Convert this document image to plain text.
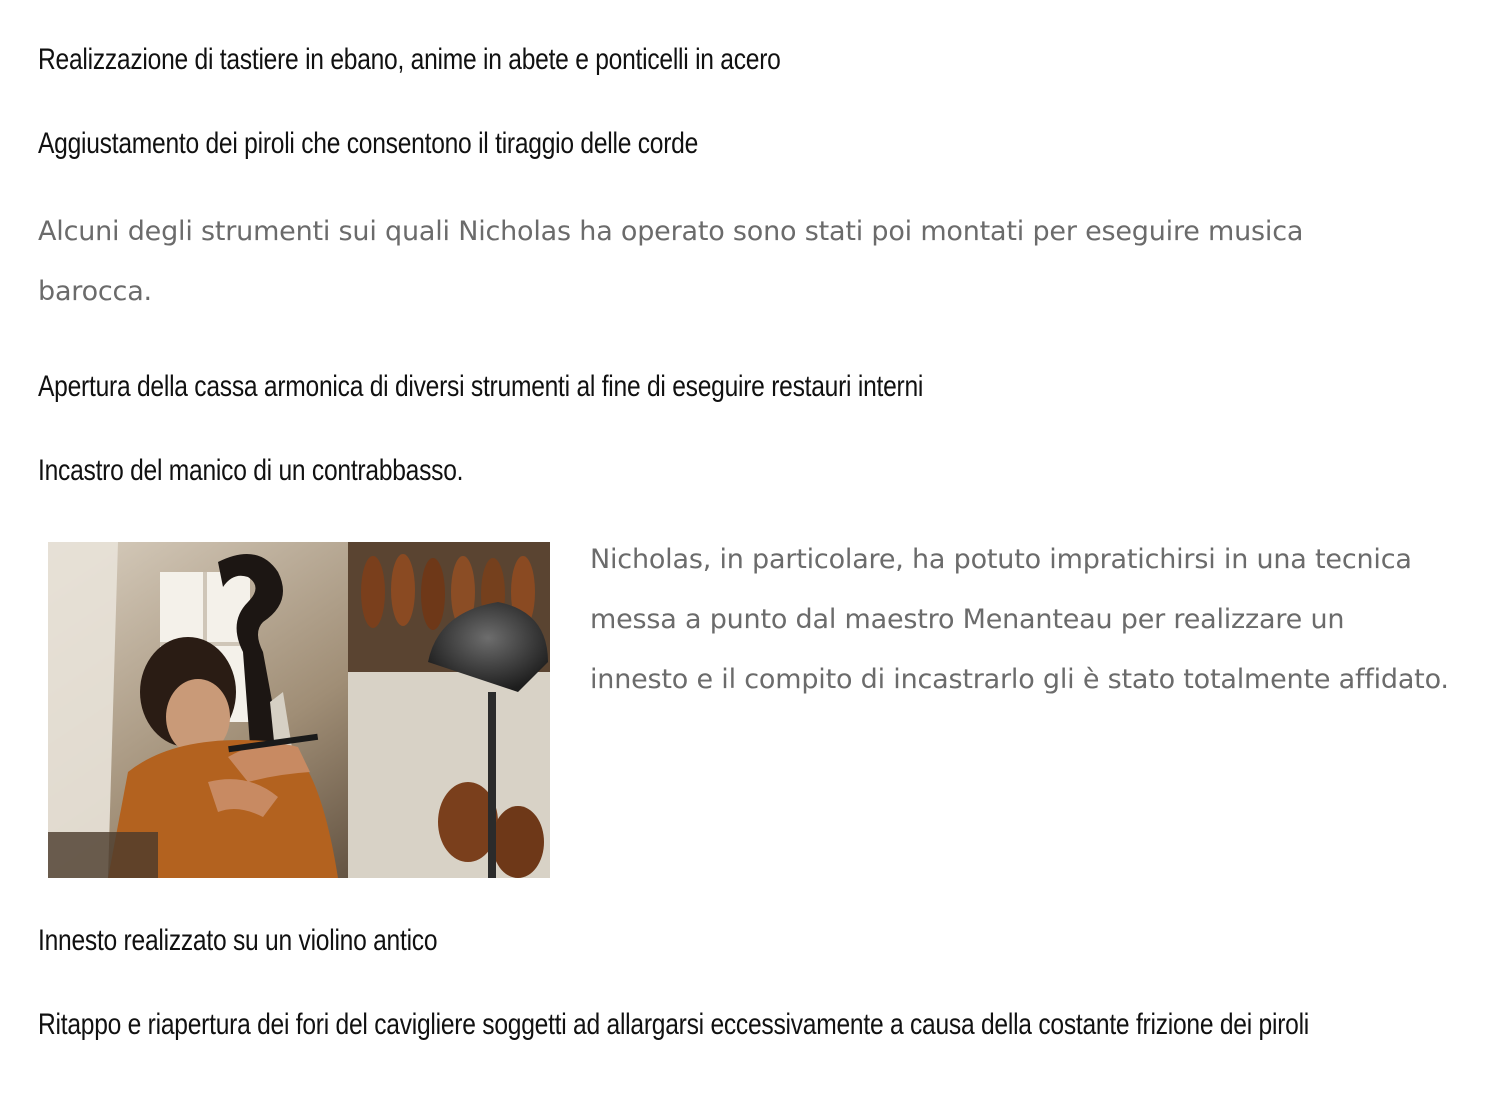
Realizzazione di tastiere in ebano, anime in abete e ponticelli in acero
Aggiustamento dei piroli che consentono il tiraggio delle corde

Alcuni degli strumenti sui quali Nicholas ha operato sono stati poi montati per eseguire musica barocca.

Apertura della cassa armonica di diversi strumenti al fine di eseguire restauri interni
Incastro del manico di un contrabbasso.

Nicholas, in particolare, ha potuto impratichirsi in una tecnica messa a punto dal maestro Menanteau per realizzare un innesto e il compito di incastrarlo gli è stato totalmente affidato.

Innesto realizzato su un violino antico
Ritappo e riapertura dei fori del cavigliere soggetti ad allargarsi eccessivamente a causa della costante frizione dei piroli
